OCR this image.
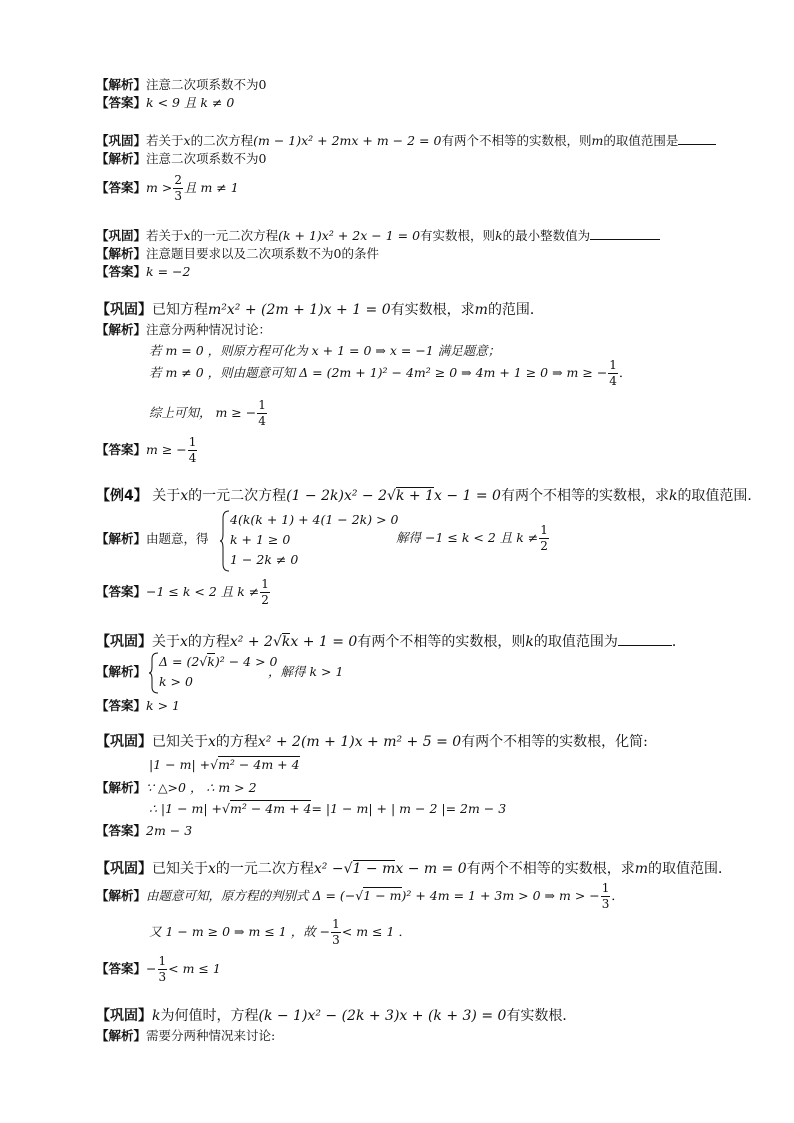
【解析】注意二次项系数不为0
【答案】k < 9 且 k ≠ 0
【巩固】若关于x的二次方程(m − 1)x² + 2mx + m − 2 = 0有两个不相等的实数根，则m的取值范围是
【解析】注意二次项系数不为0
【答案】$m > \frac{2}{3}$ 且 m ≠ 1
【巩固】若关于x的一元二次方程(k + 1)x² + 2x − 1 = 0有实数根，则k的最小整数值为
【解析】注意题目要求以及二次项系数不为0的条件
【答案】k = −2
【巩固】已知方程m²x² + (2m + 1)x + 1 = 0有实数根，求m的范围．
【解析】注意分两种情况讨论：
若 m = 0 ，则原方程可化为 x + 1 = 0 ⇒ x = −1 满足题意；
若 m ≠ 0 ，则由题意可知 Δ = (2m + 1)² − 4m² ≥ 0 ⇒ 4m + 1 ≥ 0 ⇒ m ≥ − $\frac{1}{4}$ ．
综上可知， m ≥ − $\frac{1}{4}$
【答案】m ≥ − $\frac{1}{4}$
【例4】 关于x的一元二次方程(1 − 2k)x² − 2√k + 1x − 1 = 0有两个不相等的实数根，求k的取值范围．
【解析】由题意，得
4(k(k + 1) + 4(1 − 2k) > 0
k + 1 ≥ 0
1 − 2k ≠ 0
解得 −1 ≤ k < 2 且 $k \ne \frac{1}{2}$
【答案】−1 ≤ k < 2 且 $k \ne \frac{1}{2}$
【巩固】关于x的方程x² + 2√kx + 1 = 0有两个不相等的实数根，则k的取值范围为	．
【解析】
Δ = (2√k)² − 4 > 0
k > 0
，解得 k > 1
【答案】k > 1
【巩固】已知关于x的方程x² + 2(m + 1)x + m² + 5 = 0有两个不相等的实数根，化简:
|1 − m| +√m² − 4m + 4
【解析】∵ △>0 ， ∴ m > 2
∴ |1 − m| +√m² − 4m + 4= |1 − m| + | m − 2 |= 2m − 3
【答案】2m − 3
【巩固】已知关于x的一元二次方程x² −√1 − mx − m = 0有两个不相等的实数根，求m的取值范围．
【解析】由题意可知，原方程的判别式 Δ = (−√1 − m)² + 4m = 1 + 3m > 0 ⇒ m > − $\frac{1}{3}$ ．
又 1 − m ≥ 0 ⇒ m ≤ 1 ，故 − $\frac{1}{3} < m \le 1$ ．
【答案】− $\frac{1}{3} < m \le 1$
【巩固】k为何值时，方程(k − 1)x² − (2k + 3)x + (k + 3) = 0有实数根．
【解析】需要分两种情况来讨论:
